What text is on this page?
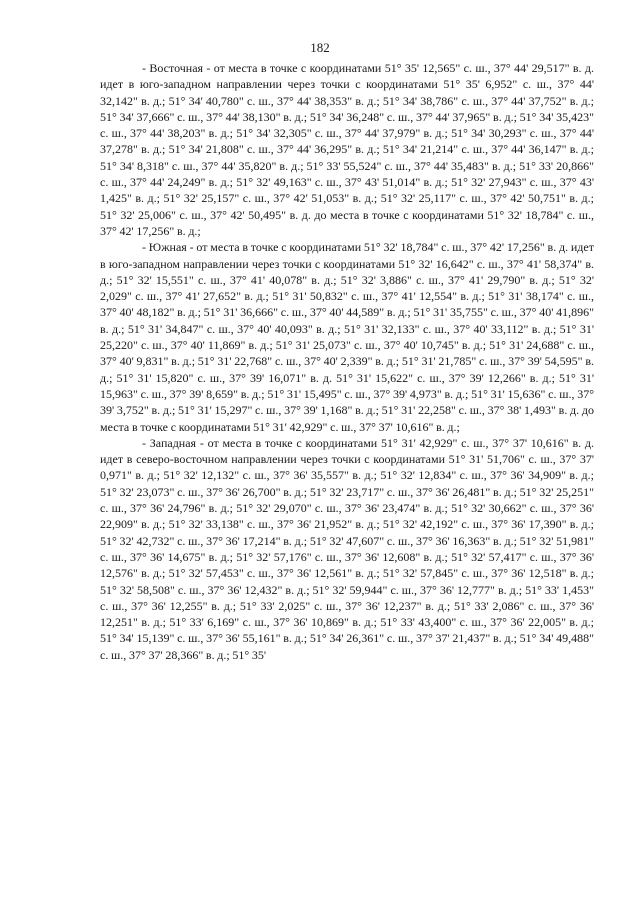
182

- Восточная - от места в точке с координатами 51° 35' 12,565" с. ш., 37° 44' 29,517" в. д. идет в юго-западном направлении через точки с координатами 51° 35' 6,952" с. ш., 37° 44' 32,142" в. д.; 51° 34' 40,780" с. ш., 37° 44' 38,353" в. д.; 51° 34' 38,786" с. ш., 37° 44' 37,752" в. д.; 51° 34' 37,666" с. ш., 37° 44' 38,130" в. д.; 51° 34' 36,248" с. ш., 37° 44' 37,965" в. д.; 51° 34' 35,423" с. ш., 37° 44' 38,203" в. д.; 51° 34' 32,305" с. ш., 37° 44' 37,979" в. д.; 51° 34' 30,293" с. ш., 37° 44' 37,278" в. д.; 51° 34' 21,808" с. ш., 37° 44' 36,295" в. д.; 51° 34' 21,214" с. ш., 37° 44' 36,147" в. д.; 51° 34' 8,318" с. ш., 37° 44' 35,820" в. д.; 51° 33' 55,524" с. ш., 37° 44' 35,483" в. д.; 51° 33' 20,866" с. ш., 37° 44' 24,249" в. д.; 51° 32' 49,163" с. ш., 37° 43' 51,014" в. д.; 51° 32' 27,943" с. ш., 37° 43' 1,425" в. д.; 51° 32' 25,157" с. ш., 37° 42' 51,053" в. д.; 51° 32' 25,117" с. ш., 37° 42' 50,751" в. д.; 51° 32' 25,006" с. ш., 37° 42' 50,495" в. д. до места в точке с координатами 51° 32' 18,784" с. ш., 37° 42' 17,256" в. д.;

- Южная - от места в точке с координатами 51° 32' 18,784" с. ш., 37° 42' 17,256" в. д. идет в юго-западном направлении через точки с координатами 51° 32' 16,642" с. ш., 37° 41' 58,374" в. д.; 51° 32' 15,551" с. ш., 37° 41' 40,078" в. д.; 51° 32' 3,886" с. ш., 37° 41' 29,790" в. д.; 51° 32' 2,029" с. ш., 37° 41' 27,652" в. д.; 51° 31' 50,832" с. ш., 37° 41' 12,554" в. д.; 51° 31' 38,174" с. ш., 37° 40' 48,182" в. д.; 51° 31' 36,666" с. ш., 37° 40' 44,589" в. д.; 51° 31' 35,755" с. ш., 37° 40' 41,896" в. д.; 51° 31' 34,847" с. ш., 37° 40' 40,093" в. д.; 51° 31' 32,133" с. ш., 37° 40' 33,112" в. д.; 51° 31' 25,220" с. ш., 37° 40' 11,869" в. д.; 51° 31' 25,073" с. ш., 37° 40' 10,745" в. д.; 51° 31' 24,688" с. ш., 37° 40' 9,831" в. д.; 51° 31' 22,768" с. ш., 37° 40' 2,339" в. д.; 51° 31' 21,785" с. ш., 37° 39' 54,595" в. д.; 51° 31' 15,820" с. ш., 37° 39' 16,071" в. д. 51° 31' 15,622" с. ш., 37° 39' 12,266" в. д.; 51° 31' 15,963" с. ш., 37° 39' 8,659" в. д.; 51° 31' 15,495" с. ш., 37° 39' 4,973" в. д.; 51° 31' 15,636" с. ш., 37° 39' 3,752" в. д.; 51° 31' 15,297" с. ш., 37° 39' 1,168" в. д.; 51° 31' 22,258" с. ш., 37° 38' 1,493" в. д. до места в точке с координатами 51° 31' 42,929" с. ш., 37° 37' 10,616" в. д.;

- Западная - от места в точке с координатами 51° 31' 42,929" с. ш., 37° 37' 10,616" в. д. идет в северо-восточном направлении через точки с координатами 51° 31' 51,706" с. ш., 37° 37' 0,971" в. д.; 51° 32' 12,132" с. ш., 37° 36' 35,557" в. д.; 51° 32' 12,834" с. ш., 37° 36' 34,909" в. д.; 51° 32' 23,073" с. ш., 37° 36' 26,700" в. д.; 51° 32' 23,717" с. ш., 37° 36' 26,481" в. д.; 51° 32' 25,251" с. ш., 37° 36' 24,796" в. д.; 51° 32' 29,070" с. ш., 37° 36' 23,474" в. д.; 51° 32' 30,662" с. ш., 37° 36' 22,909" в. д.; 51° 32' 33,138" с. ш., 37° 36' 21,952" в. д.; 51° 32' 42,192" с. ш., 37° 36' 17,390" в. д.; 51° 32' 42,732" с. ш., 37° 36' 17,214" в. д.; 51° 32' 47,607" с. ш., 37° 36' 16,363" в. д.; 51° 32' 51,981" с. ш., 37° 36' 14,675" в. д.; 51° 32' 57,176" с. ш., 37° 36' 12,608" в. д.; 51° 32' 57,417" с. ш., 37° 36' 12,576" в. д.; 51° 32' 57,453" с. ш., 37° 36' 12,561" в. д.; 51° 32' 57,845" с. ш., 37° 36' 12,518" в. д.; 51° 32' 58,508" с. ш., 37° 36' 12,432" в. д.; 51° 32' 59,944" с. ш., 37° 36' 12,777" в. д.; 51° 33' 1,453" с. ш., 37° 36' 12,255" в. д.; 51° 33' 2,025" с. ш., 37° 36' 12,237" в. д.; 51° 33' 2,086" с. ш., 37° 36' 12,251" в. д.; 51° 33' 6,169" с. ш., 37° 36' 10,869" в. д.; 51° 33' 43,400" с. ш., 37° 36' 22,005" в. д.; 51° 34' 15,139" с. ш., 37° 36' 55,161" в. д.; 51° 34' 26,361" с. ш., 37° 37' 21,437" в. д.; 51° 34' 49,488" с. ш., 37° 37' 28,366" в. д.; 51° 35'
